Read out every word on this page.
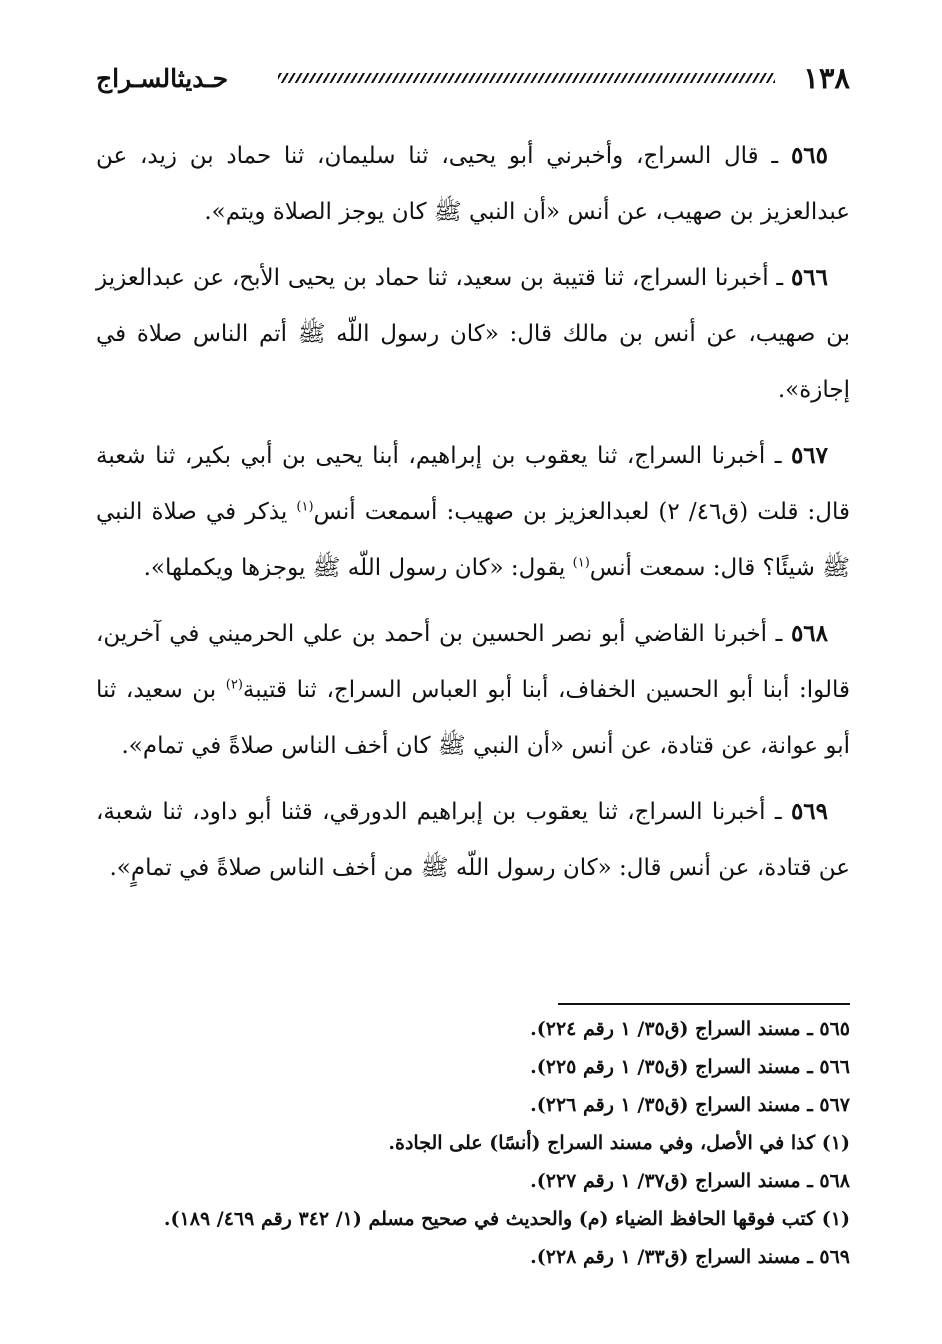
١٣٨
حـديثالسـراج

٥٦٥ ـ قال السراج، وأخبرني أبو يحيى، ثنا سليمان، ثنا حماد بن زيد، عن عبدالعزيز بن صهيب، عن أنس «أن النبي ﷺ كان يوجز الصلاة ويتم».

٥٦٦ ـ أخبرنا السراج، ثنا قتيبة بن سعيد، ثنا حماد بن يحيى الأبح، عن عبدالعزيز بن صهيب، عن أنس بن مالك قال: «كان رسول اللّه ﷺ أتم الناس صلاة في إجازة».

٥٦٧ ـ أخبرنا السراج، ثنا يعقوب بن إبراهيم، أبنا يحيى بن أبي بكير، ثنا شعبة قال: قلت (ق٤٦/ ٢) لعبدالعزيز بن صهيب: أسمعت أنس$^{(١)}$ يذكر في صلاة النبي ﷺ شيئًا؟ قال: سمعت أنس$^{(١)}$ يقول: «كان رسول اللّه ﷺ يوجزها ويكملها».

٥٦٨ ـ أخبرنا القاضي أبو نصر الحسين بن أحمد بن علي الحرميني في آخرين، قالوا: أبنا أبو الحسين الخفاف، أبنا أبو العباس السراج، ثنا قتيبة$^{(٢)}$ بن سعيد، ثنا أبو عوانة، عن قتادة، عن أنس «أن النبي ﷺ كان أخف الناس صلاةً في تمام».

٥٦٩ ـ أخبرنا السراج، ثنا يعقوب بن إبراهيم الدورقي، قثنا أبو داود، ثنا شعبة، عن قتادة، عن أنس قال: «كان رسول اللّه ﷺ من أخف الناس صلاةً في تمامٍ».

٥٦٥ ـ مسند السراج (ق٣٥/ ١ رقم ٢٢٤).
٥٦٦ ـ مسند السراج (ق٣٥/ ١ رقم ٢٢٥).
٥٦٧ ـ مسند السراج (ق٣٥/ ١ رقم ٢٢٦).
(١) كذا في الأصل، وفي مسند السراج (أنسًا) على الجادة.
٥٦٨ ـ مسند السراج (ق٣٧/ ١ رقم ٢٢٧).
(١) كتب فوقها الحافظ الضياء (م) والحديث في صحيح مسلم (١/ ٣٤٢ رقم ٤٦٩/ ١٨٩).
٥٦٩ ـ مسند السراج (ق٣٣/ ١ رقم ٢٢٨).
